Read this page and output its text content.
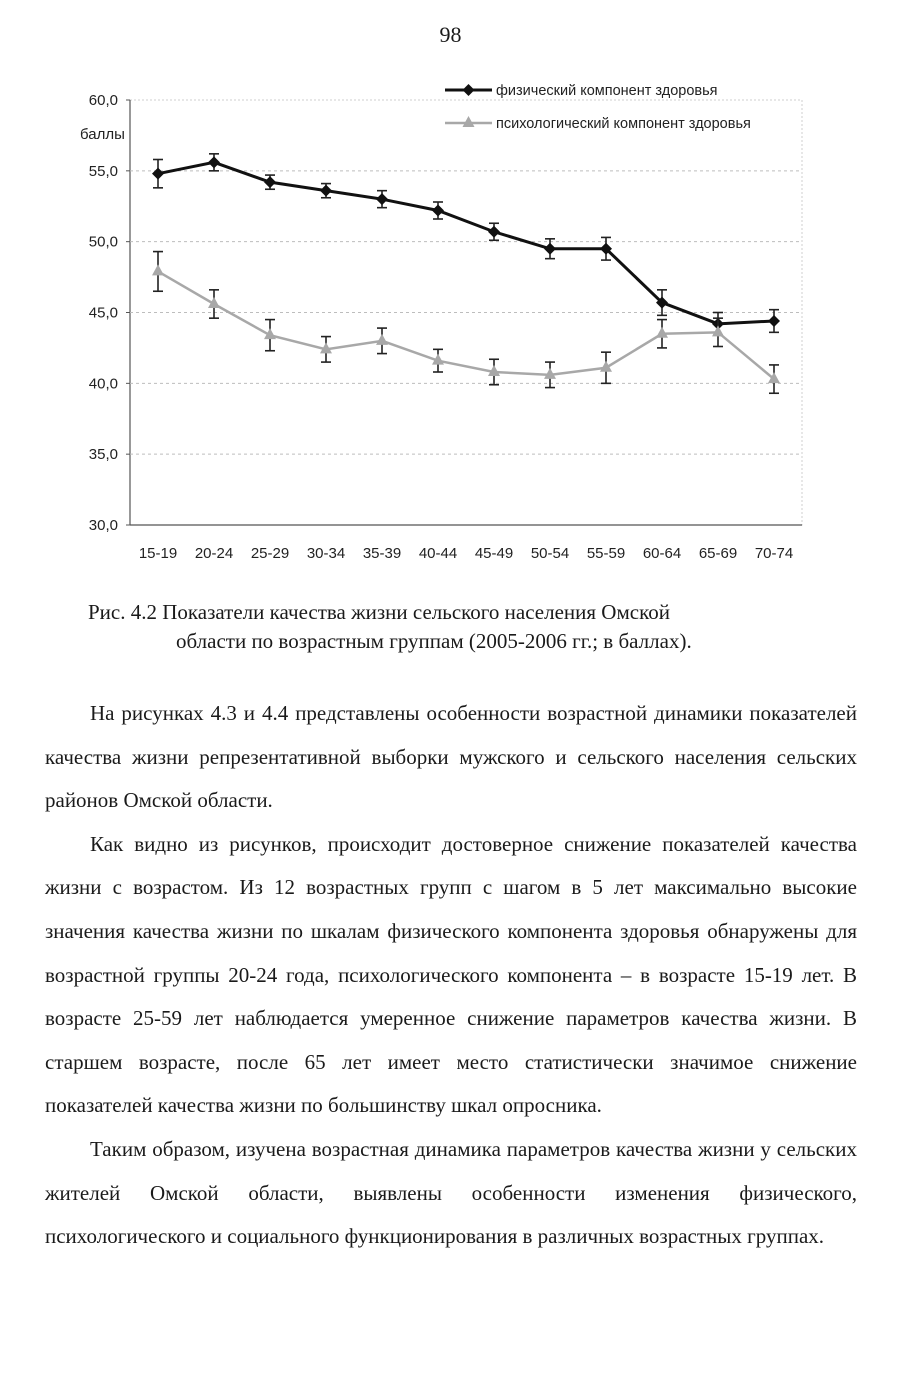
98
30,0
35,0
40,0
45,0
50,0
55,0
60,0
баллы
15-19 20-24 25-29 30-34 35-39 40-44 45-49 50-54 55-59 60-64 65-69 70-74
физический компонент здоровья
психологический компонент здоровья
Рис. 4.2 Показатели качества жизни сельского населения Омской
области по возрастным группам (2005-2006 гг.; в баллах).

На рисунках 4.3 и 4.4 представлены особенности возрастной динамики показателей качества жизни репрезентативной выборки мужского и сельского населения сельских районов Омской области.

Как видно из рисунков, происходит достоверное снижение показателей качества жизни с возрастом. Из 12 возрастных групп с шагом в 5 лет максимально высокие значения качества жизни по шкалам физического компонента здоровья обнаружены для возрастной группы 20-24 года, психологического компонента – в возрасте 15-19 лет. В возрасте 25-59 лет наблюдается умеренное снижение параметров качества жизни. В старшем возрасте, после 65 лет имеет место статистически значимое снижение показателей качества жизни по большинству шкал опросника.

Таким образом, изучена возрастная динамика параметров качества жизни у сельских жителей Омской области, выявлены особенности изменения физического, психологического и социального функционирования в различных возрастных группах.
